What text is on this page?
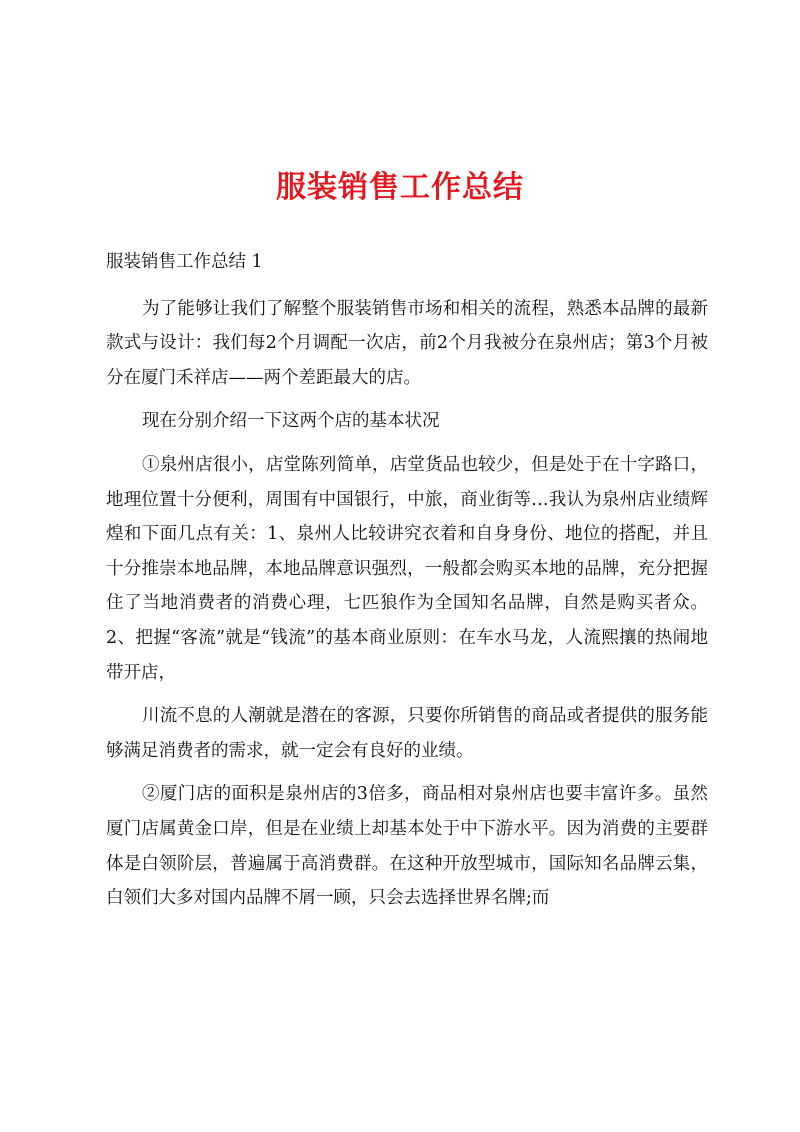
服装销售工作总结

服装销售工作总结 1

为了能够让我们了解整个服装销售市场和相关的流程，熟悉本品牌的最新款式与设计：我们每2个月调配一次店，前2个月我被分在泉州店；第3个月被分在厦门禾祥店——两个差距最大的店。

现在分别介绍一下这两个店的基本状况

①泉州店很小，店堂陈列简单，店堂货品也较少，但是处于在十字路口，地理位置十分便利，周围有中国银行，中旅，商业街等…我认为泉州店业绩辉煌和下面几点有关：1、泉州人比较讲究衣着和自身身份、地位的搭配，并且十分推崇本地品牌，本地品牌意识强烈，一般都会购买本地的品牌，充分把握住了当地消费者的消费心理，七匹狼作为全国知名品牌，自然是购买者众。2、把握“客流”就是“钱流”的基本商业原则：在车水马龙，人流熙攘的热闹地带开店，

川流不息的人潮就是潜在的客源，只要你所销售的商品或者提供的服务能够满足消费者的需求，就一定会有良好的业绩。

②厦门店的面积是泉州店的3倍多，商品相对泉州店也要丰富许多。虽然厦门店属黄金口岸，但是在业绩上却基本处于中下游水平。因为消费的主要群体是白领阶层，普遍属于高消费群。在这种开放型城市，国际知名品牌云集，白领们大多对国内品牌不屑一顾，只会去选择世界名牌;而
